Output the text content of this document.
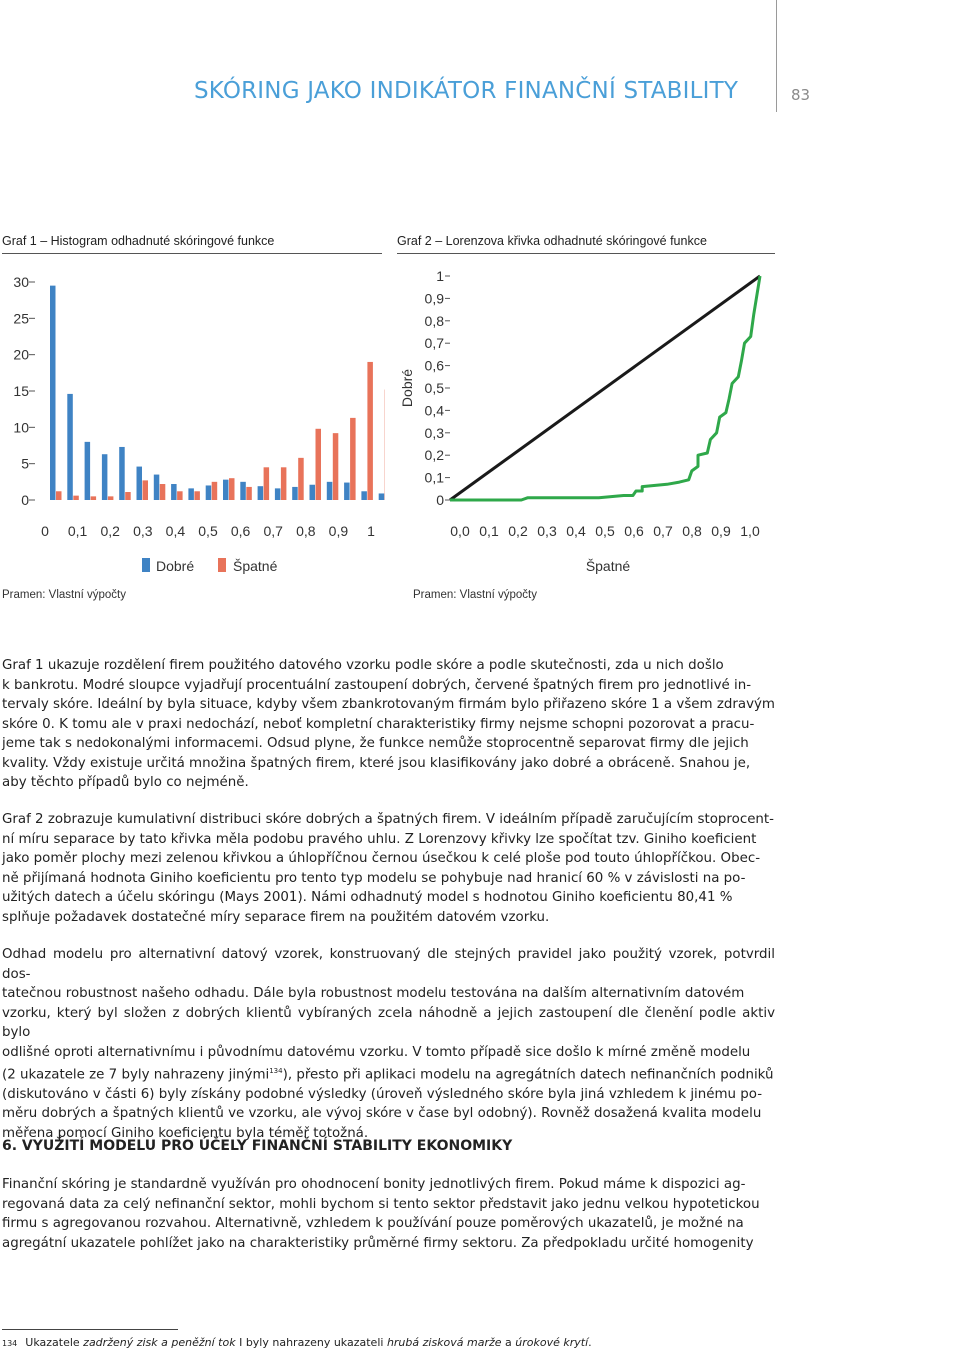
SKÓRING JAKO INDIKÁTOR FINANČNÍ STABILITY	83
Graf 1 – Histogram odhadnuté skóringové funkce	Graf 2 – Lorenzova křivka odhadnuté skóringové funkce
0
5
10
15
20
25
30
0 0,1 0,2 0,3 0,4 0,5 0,6 0,7 0,8 0,9 1
Dobré	Špatné
0
0,1
0,2
0,3
0,4
0,5
0,6
0,7
0,8
0,9
1
Dobré
0,0 0,1 0,2 0,3 0,4 0,5 0,6 0,7 0,8 0,9 1,0
Špatné
Pramen: Vlastní výpočty	Pramen: Vlastní výpočty
Graf 1 ukazuje rozdělení firem použitého datového vzorku podle skóre a podle skutečnosti, zda u nich došlo
k bankrotu. Modré sloupce vyjadřují procentuální zastoupení dobrých, červené špatných firem pro jednotlivé in-
tervaly skóre. Ideální by byla situace, kdyby všem zbankrotovaným firmám bylo přiřazeno skóre 1 a všem zdravým
skóre 0. K tomu ale v praxi nedochází, neboť kompletní charakteristiky firmy nejsme schopni pozorovat a pracu-
jeme tak s nedokonalými informacemi. Odsud plyne, že funkce nemůže stoprocentně separovat firmy dle jejich
kvality. Vždy existuje určitá množina špatných firem, které jsou klasifikovány jako dobré a obráceně. Snahou je,
aby těchto případů bylo co nejméně.
Graf 2 zobrazuje kumulativní distribuci skóre dobrých a špatných firem. V ideálním případě zaručujícím stoprocent-
ní míru separace by tato křivka měla podobu pravého uhlu. Z Lorenzovy křivky lze spočítat tzv. Giniho koeficient
jako poměr plochy mezi zelenou křivkou a úhlopříčnou černou úsečkou k celé ploše pod touto úhlopříčkou. Obec-
ně přijímaná hodnota Giniho koeficientu pro tento typ modelu se pohybuje nad hranicí 60 % v závislosti na po-
užitých datech a účelu skóringu (Mays 2001). Námi odhadnutý model s hodnotou Giniho koeficientu 80,41 %
splňuje požadavek dostatečné míry separace firem na použitém datovém vzorku.
Odhad modelu pro alternativní datový vzorek, konstruovaný dle stejných pravidel jako použitý vzorek, potvrdil dos-
tatečnou robustnost našeho odhadu. Dále byla robustnost modelu testována na dalším alternativním datovém
vzorku, který byl složen z dobrých klientů vybíraných zcela náhodně a jejich zastoupení dle členění podle aktiv bylo
odlišné oproti alternativnímu i původnímu datovému vzorku. V tomto případě sice došlo k mírné změně modelu
(2 ukazatele ze 7 byly nahrazeny jinými$^{134}$), přesto při aplikaci modelu na agregátních datech nefinančních podniků
(diskutováno v části 6) byly získány podobné výsledky (úroveň výsledného skóre byla jiná vzhledem k jinému po-
měru dobrých a špatných klientů ve vzorku, ale vývoj skóre v čase byl odobný). Rovněž dosažená kvalita modelu
měřena pomocí Giniho koeficientu byla téměř totožná.
6. VYUŽITÍ MODELU PRO ÚČELY FINANČNÍ STABILITY EKONOMIKY
Finanční skóring je standardně využíván pro ohodnocení bonity jednotlivých firem. Pokud máme k dispozici ag-
regovaná data za celý nefinanční sektor, mohli bychom si tento sektor představit jako jednu velkou hypotetickou
firmu s agregovanou rozvahou. Alternativně, vzhledem k používání pouze poměrových ukazatelů, je možné na
agregátní ukazatele pohlížet jako na charakteristiky průměrné firmy sektoru. Za předpokladu určité homogenity
134 Ukazatele zadržený zisk a peněžní tok I byly nahrazeny ukazateli hrubá zisková marže a úrokové krytí.
